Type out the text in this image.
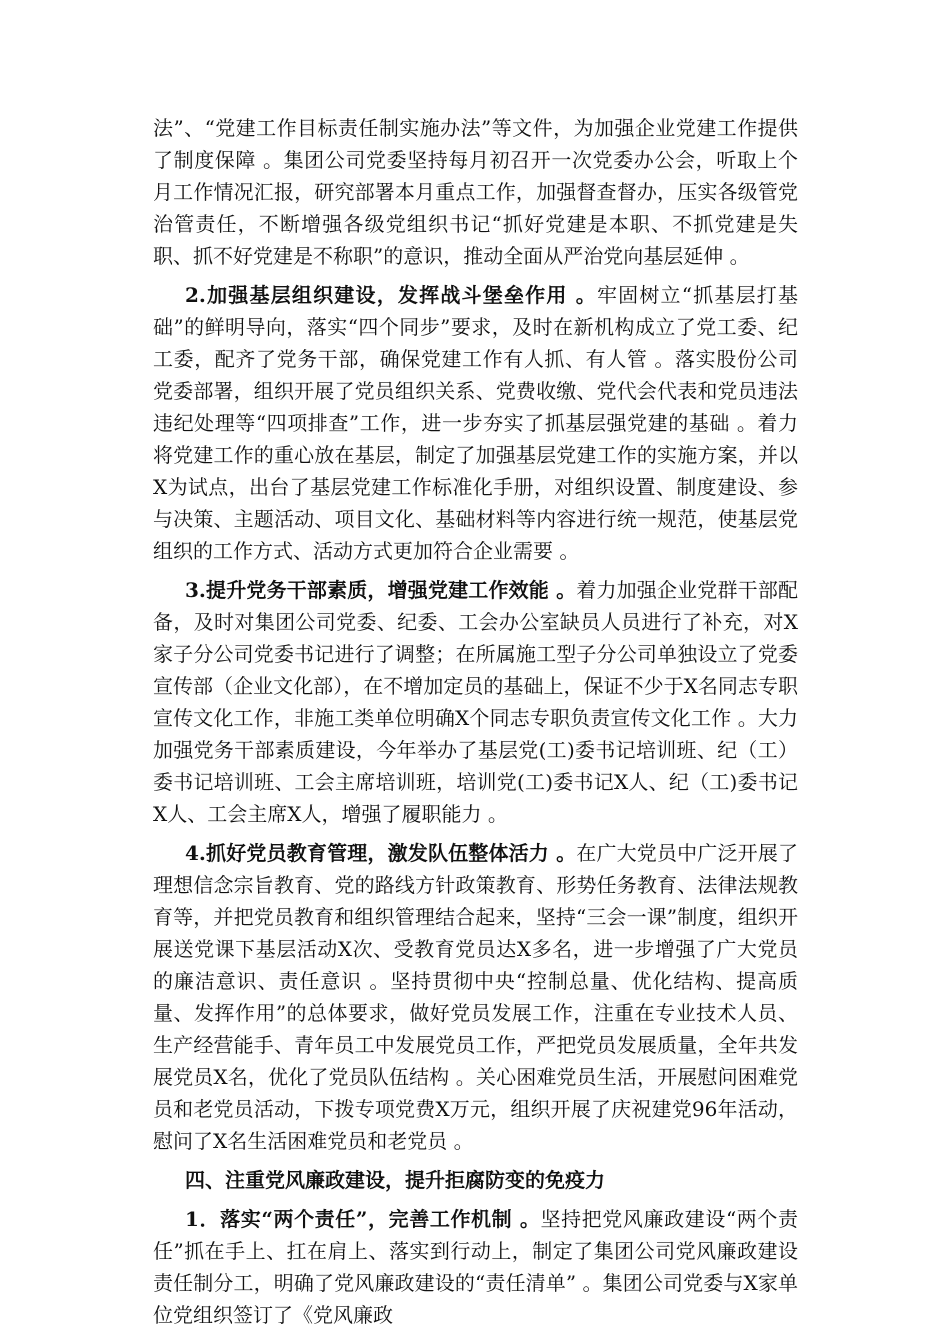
法”、“党建工作目标责任制实施办法”等文件，为加强企业党建工作提供了制度保障 。集团公司党委坚持每月初召开一次党委办公会，听取上个月工作情况汇报，研究部署本月重点工作，加强督查督办，压实各级管党治管责任，不断增强各级党组织书记“抓好党建是本职、不抓党建是失职、抓不好党建是不称职”的意识，推动全面从严治党向基层延伸 。

2.加强基层组织建设，发挥战斗堡垒作用 。牢固树立“抓基层打基础”的鲜明导向，落实“四个同步”要求，及时在新机构成立了党工委、纪工委，配齐了党务干部，确保党建工作有人抓、有人管 。落实股份公司党委部署，组织开展了党员组织关系、党费收缴、党代会代表和党员违法违纪处理等“四项排查”工作，进一步夯实了抓基层强党建的基础 。着力将党建工作的重心放在基层，制定了加强基层党建工作的实施方案，并以X为试点，出台了基层党建工作标准化手册，对组织设置、制度建设、参与决策、主题活动、项目文化、基础材料等内容进行统一规范，使基层党组织的工作方式、活动方式更加符合企业需要 。

3.提升党务干部素质，增强党建工作效能 。着力加强企业党群干部配备，及时对集团公司党委、纪委、工会办公室缺员人员进行了补充，对X家子分公司党委书记进行了调整；在所属施工型子分公司单独设立了党委宣传部（企业文化部），在不增加定员的基础上，保证不少于X名同志专职宣传文化工作，非施工类单位明确X个同志专职负责宣传文化工作 。大力加强党务干部素质建设，今年举办了基层党(工)委书记培训班、纪（工）委书记培训班、工会主席培训班，培训党(工)委书记X人、纪（工)委书记X人、工会主席X人，增强了履职能力 。

4.抓好党员教育管理，激发队伍整体活力 。在广大党员中广泛开展了理想信念宗旨教育、党的路线方针政策教育、形势任务教育、法律法规教育等，并把党员教育和组织管理结合起来，坚持“三会一课”制度，组织开展送党课下基层活动X次、受教育党员达X多名，进一步增强了广大党员的廉洁意识、责任意识 。坚持贯彻中央“控制总量、优化结构、提高质量、发挥作用”的总体要求，做好党员发展工作，注重在专业技术人员、生产经营能手、青年员工中发展党员工作，严把党员发展质量，全年共发展党员X名，优化了党员队伍结构 。关心困难党员生活，开展慰问困难党员和老党员活动，下拨专项党费X万元，组织开展了庆祝建党96年活动，慰问了X名生活困难党员和老党员 。

四、注重党风廉政建设，提升拒腐防变的免疫力

1．落实“两个责任”，完善工作机制 。坚持把党风廉政建设“两个责任”抓在手上、扛在肩上、落实到行动上，制定了集团公司党风廉政建设责任制分工，明确了党风廉政建设的“责任清单” 。集团公司党委与X家单位党组织签订了《党风廉政
